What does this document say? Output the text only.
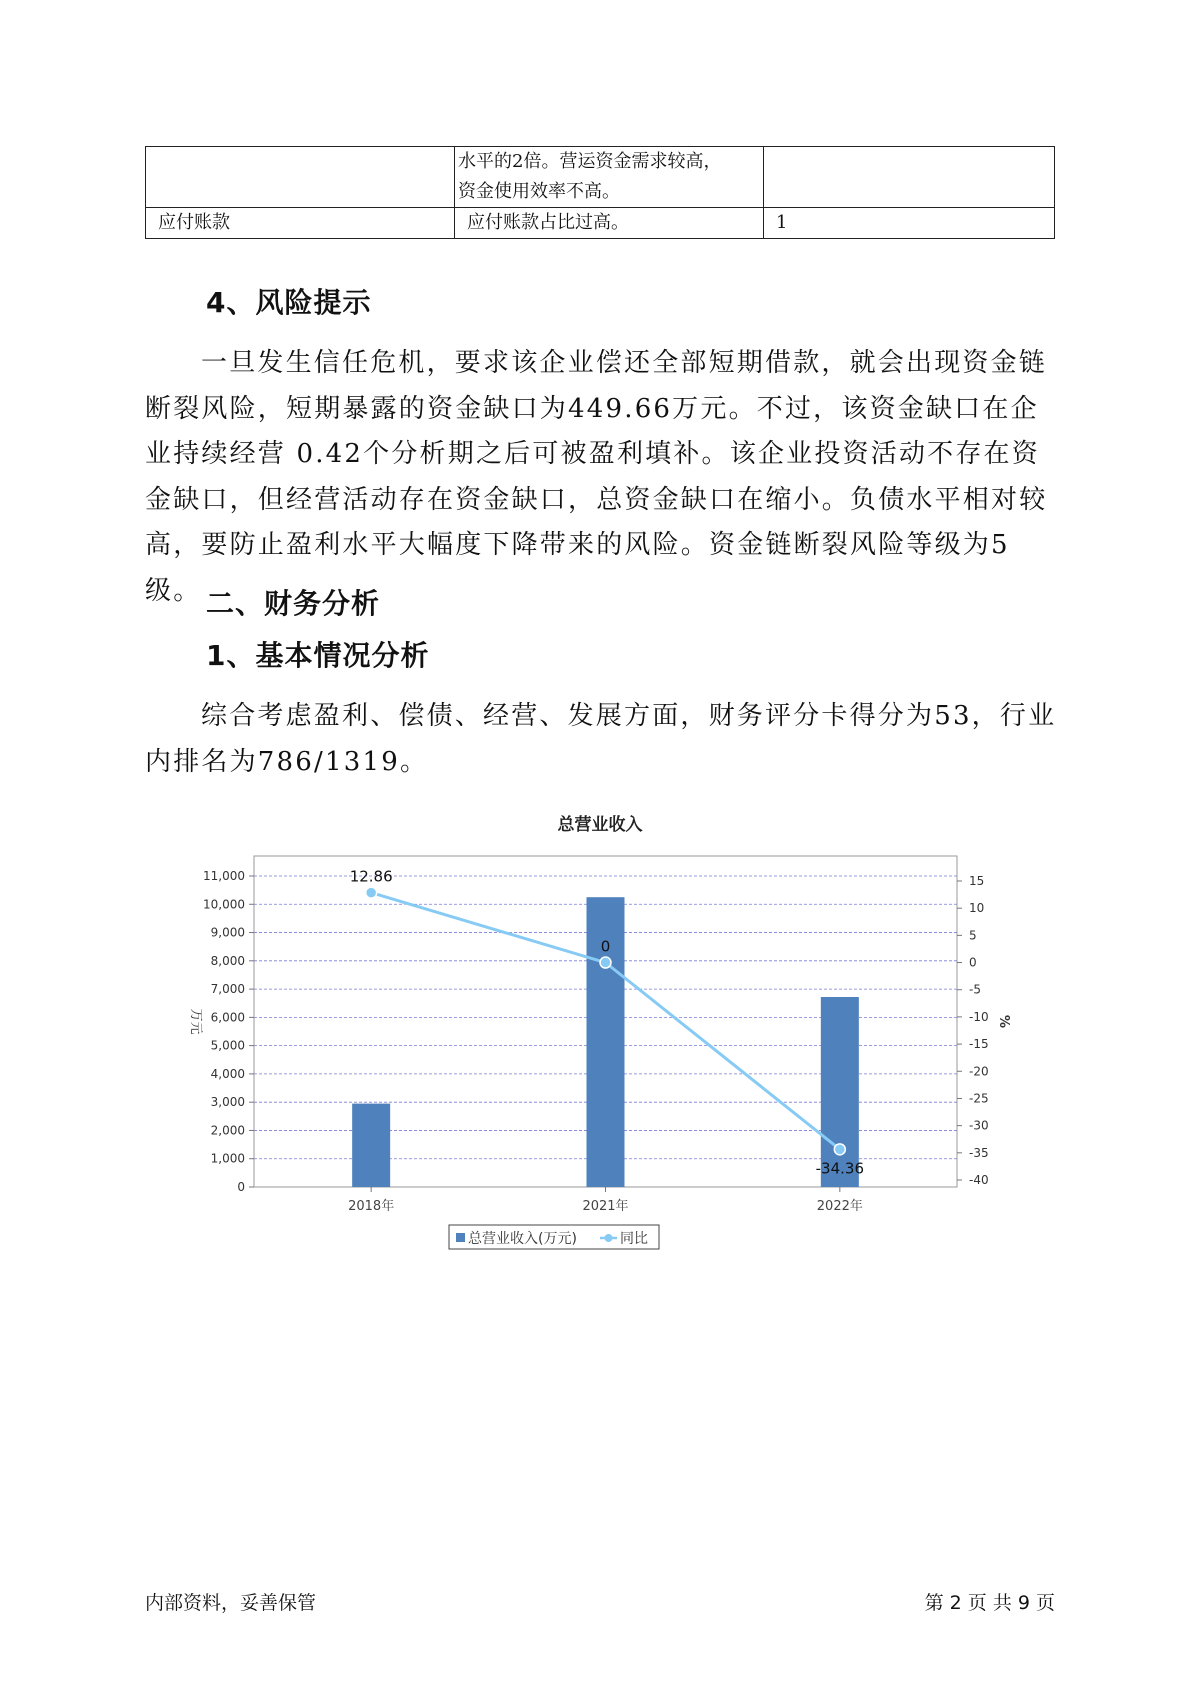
	水平的2倍。营运资金需求较高，
资金使用效率不高。	

应付账款	应付账款占比过高。	1
4、风险提示
一旦发生信任危机，要求该企业偿还全部短期借款，就会出现资金链断裂风险，短期暴露的资金缺口为449.66万元。不过，该资金缺口在企业持续经营 0.42个分析期之后可被盈利填补。该企业投资活动不存在资金缺口，但经营活动存在资金缺口，总资金缺口在缩小。负债水平相对较高，要防止盈利水平大幅度下降带来的风险。资金链断裂风险等级为5级。 二、财务分析
1、基本情况分析
综合考虑盈利、偿债、经营、发展方面，财务评分卡得分为53，行业内排名为786/1319。
总营业收入
0
1,000
2,000
3,000
4,000
5,000
6,000
7,000
8,000
9,000
10,000
11,000
-40
-35
-30
-25
-20
-15
-10
-5
0
5
10
15
万元	%
2018年	2021年	2022年
12.86
0
-34.36
总营业收入(万元)	同比
内部资料，妥善保管	第 2 页 共 9 页
